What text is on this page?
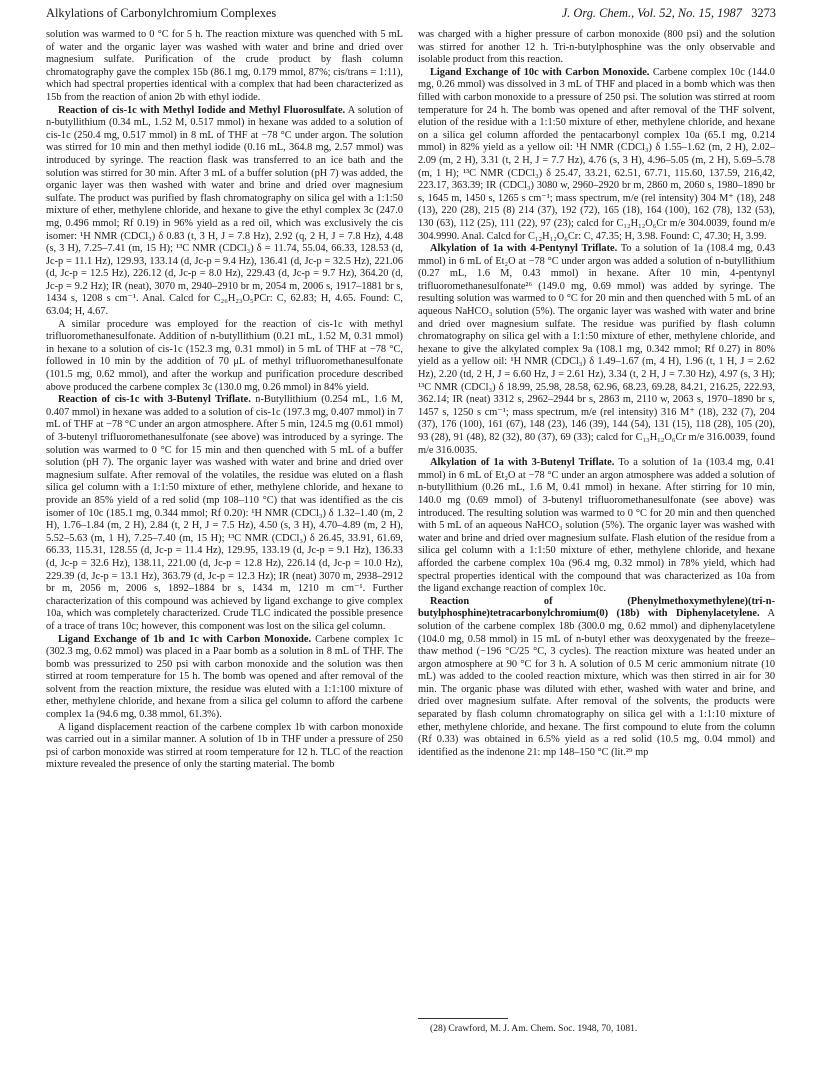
Alkylations of Carbonylchromium Complexes	J. Org. Chem., Vol. 52, No. 15, 1987 3273

solution was warmed to 0 °C for 5 h. The reaction mixture was quenched with 5 mL of water and the organic layer was washed with water and brine and dried over magnesium sulfate. Purification of the crude product by flash column chromatography gave the complex 15b (86.1 mg, 0.179 mmol, 87%; cis/trans = 1:11), which had spectral properties identical with a complex that had been characterized as 15b from the reaction of anion 2b with ethyl iodide.

Reaction of cis-1c with Methyl Iodide and Methyl Fluorosulfate. A solution of n-butyllithium (0.34 mL, 1.52 M, 0.517 mmol) in hexane was added to a solution of cis-1c (250.4 mg, 0.517 mmol) in 8 mL of THF at −78 °C under argon. The solution was stirred for 10 min and then methyl iodide (0.16 mL, 364.8 mg, 2.57 mmol) was introduced by syringe. The reaction flask was transferred to an ice bath and the solution was stirred for 30 min. After 3 mL of a buffer solution (pH 7) was added, the organic layer was then washed with water and brine and dried over magnesium sulfate. The product was purified by flash chromatography on silica gel with a 1:1:50 mixture of ether, methylene chloride, and hexane to give the ethyl complex 3c (247.0 mg, 0.496 mmol; Rf 0.19) in 96% yield as a red oil, which was exclusively the cis isomer: ¹H NMR (CDCl₃) δ 0.83 (t, 3 H, J = 7.8 Hz), 2.92 (q, 2 H, J = 7.8 Hz), 4.48 (s, 3 H), 7.25–7.41 (m, 15 H); ¹³C NMR (CDCl₃) δ = 11.74, 55.04, 66.33, 128.53 (d, Jc-p = 11.1 Hz), 129.93, 133.14 (d, Jc-p = 9.4 Hz), 136.41 (d, Jc-p = 32.5 Hz), 221.06 (d, Jc-p = 12.5 Hz), 226.12 (d, Jc-p = 8.0 Hz), 229.43 (d, Jc-p = 9.7 Hz), 364.20 (d, Jc-p = 9.2 Hz); IR (neat), 3070 m, 2940–2910 br m, 2054 m, 2006 s, 1917–1881 br s, 1434 s, 1208 s cm⁻¹. Anal. Calcd for C₂₆H₂₃O₅PCr: C, 62.83; H, 4.65. Found: C, 63.04; H, 4.67.

A similar procedure was employed for the reaction of cis-1c with methyl trifluoromethanesulfonate. Addition of n-butyllithium (0.21 mL, 1.52 M, 0.31 mmol) in hexane to a solution of cis-1c (152.3 mg, 0.31 mmol) in 5 mL of THF at −78 °C, followed in 10 min by the addition of 70 μL of methyl trifluoromethanesulfonate (101.5 mg, 0.62 mmol), and after the workup and purification procedure described above produced the carbene complex 3c (130.0 mg, 0.26 mmol) in 84% yield.

Reaction of cis-1c with 3-Butenyl Triflate. n-Butyllithium (0.254 mL, 1.6 M, 0.407 mmol) in hexane was added to a solution of cis-1c (197.3 mg, 0.407 mmol) in 7 mL of THF at −78 °C under an argon atmosphere. After 5 min, 124.5 mg (0.61 mmol) of 3-butenyl trifluoromethanesulfonate (see above) was introduced by a syringe. The solution was warmed to 0 °C for 15 min and then quenched with 5 mL of a buffer solution (pH 7). The organic layer was washed with water and brine and dried over magnesium sulfate. After removal of the volatiles, the residue was eluted on a flash silica gel column with a 1:1:50 mixture of ether, methylene chloride, and hexane to provide an 85% yield of a red solid (mp 108–110 °C) that was identified as the cis isomer of 10c (185.1 mg, 0.344 mmol; Rf 0.20): ¹H NMR (CDCl₃) δ 1.32–1.40 (m, 2 H), 1.76–1.84 (m, 2 H), 2.84 (t, 2 H, J = 7.5 Hz), 4.50 (s, 3 H), 4.70–4.89 (m, 2 H), 5.52–5.63 (m, 1 H), 7.25–7.40 (m, 15 H); ¹³C NMR (CDCl₃) δ 26.45, 33.91, 61.69, 66.33, 115.31, 128.55 (d, Jc-p = 11.4 Hz), 129.95, 133.19 (d, Jc-p = 9.1 Hz), 136.33 (d, Jc-p = 32.6 Hz), 138.11, 221.00 (d, Jc-p = 12.8 Hz), 226.14 (d, Jc-p = 10.0 Hz), 229.39 (d, Jc-p = 13.1 Hz), 363.79 (d, Jc-p = 12.3 Hz); IR (neat) 3070 m, 2938–2912 br m, 2056 m, 2006 s, 1892–1884 br s, 1434 m, 1210 m cm⁻¹. Further characterization of this compound was achieved by ligand exchange to give complex 10a, which was completely characterized. Crude TLC indicated the possible presence of a trace of trans 10c; however, this component was lost on the silica gel column.

Ligand Exchange of 1b and 1c with Carbon Monoxide. Carbene complex 1c (302.3 mg, 0.62 mmol) was placed in a Paar bomb as a solution in 8 mL of THF. The bomb was pressurized to 250 psi with carbon monoxide and the solution was then stirred at room temperature for 15 h. The bomb was opened and after removal of the solvent from the reaction mixture, the residue was eluted with a 1:1:100 mixture of ether, methylene chloride, and hexane from a silica gel column to afford the carbene complex 1a (94.6 mg, 0.38 mmol, 61.3%).

A ligand displacement reaction of the carbene complex 1b with carbon monoxide was carried out in a similar manner. A solution of 1b in THF under a pressure of 250 psi of carbon monoxide was stirred at room temperature for 12 h. TLC of the reaction mixture revealed the presence of only the starting material. The bomb

was charged with a higher pressure of carbon monoxide (800 psi) and the solution was stirred for another 12 h. Tri-n-butylphosphine was the only observable and isolable product from this reaction.

Ligand Exchange of 10c with Carbon Monoxide. Carbene complex 10c (144.0 mg, 0.26 mmol) was dissolved in 3 mL of THF and placed in a bomb which was then filled with carbon monoxide to a pressure of 250 psi. The solution was stirred at room temperature for 24 h. The bomb was opened and after removal of the THF solvent, elution of the residue with a 1:1:50 mixture of ether, methylene chloride, and hexane on a silica gel column afforded the pentacarbonyl complex 10a (65.1 mg, 0.214 mmol) in 82% yield as a yellow oil: ¹H NMR (CDCl₃) δ 1.55–1.62 (m, 2 H), 2.02–2.09 (m, 2 H), 3.31 (t, 2 H, J = 7.7 Hz), 4.76 (s, 3 H), 4.96–5.05 (m, 2 H), 5.69–5.78 (m, 1 H); ¹³C NMR (CDCl₃) δ 25.47, 33.21, 62.51, 67.71, 115.60, 137.59, 216,42, 223.17, 363.39; IR (CDCl₃) 3080 w, 2960–2920 br m, 2860 m, 2060 s, 1980–1890 br s, 1645 m, 1450 s, 1265 s cm⁻¹; mass spectrum, m/e (rel intensity) 304 M⁺ (18), 248 (13), 220 (28), 215 (8) 214 (37), 192 (72), 165 (18), 164 (100), 162 (78), 132 (53), 130 (63), 112 (25), 111 (22), 97 (23); calcd for C₁₂H₁₂O₆Cr m/e 304.0039, found m/e 304.9990. Anal. Calcd for C₁₂H₁₂O₆Cr: C, 47.35; H, 3.98. Found: C, 47.30; H, 3.99.

Alkylation of 1a with 4-Pentynyl Triflate. To a solution of 1a (108.4 mg, 0.43 mmol) in 6 mL of Et₂O at −78 °C under argon was added a solution of n-butyllithium (0.27 mL, 1.6 M, 0.43 mmol) in hexane. After 10 min, 4-pentynyl trifluoromethanesulfonate²⁶ (149.0 mg, 0.69 mmol) was added by syringe. The resulting solution was warmed to 0 °C for 20 min and then quenched with 5 mL of an aqueous NaHCO₃ solution (5%). The organic layer was washed with water and brine and dried over magnesium sulfate. The residue was purified by flash column chromatography on silica gel with a 1:1:50 mixture of ether, methylene chloride, and hexane to give the alkylated complex 9a (108.1 mg, 0.342 mmol; Rf 0.27) in 80% yield as a yellow oil: ¹H NMR (CDCl₃) δ 1.49–1.67 (m, 4 H), 1.96 (t, 1 H, J = 2.62 Hz), 2.20 (td, 2 H, J = 6.60 Hz, J = 2.61 Hz), 3.34 (t, 2 H, J = 7.30 Hz), 4.97 (s, 3 H); ¹³C NMR (CDCl₃) δ 18.99, 25.98, 28.58, 62.96, 68.23, 69.28, 84.21, 216.25, 222.93, 362.14; IR (neat) 3312 s, 2962–2944 br s, 2863 m, 2110 w, 2063 s, 1970–1890 br s, 1457 s, 1250 s cm⁻¹; mass spectrum, m/e (rel intensity) 316 M⁺ (18), 232 (7), 204 (37), 176 (100), 161 (67), 148 (23), 146 (39), 144 (54), 131 (15), 118 (28), 105 (20), 93 (28), 91 (48), 82 (32), 80 (37), 69 (33); calcd for C₁₃H₁₂O₆Cr m/e 316.0039, found m/e 316.0035.

Alkylation of 1a with 3-Butenyl Triflate. To a solution of 1a (103.4 mg, 0.41 mmol) in 6 mL of Et₂O at −78 °C under an argon atmosphere was added a solution of n-butyllithium (0.26 mL, 1.6 M, 0.41 mmol) in hexane. After stirring for 10 min, 140.0 mg (0.69 mmol) of 3-butenyl trifluoromethanesulfonate (see above) was introduced. The resulting solution was warmed to 0 °C for 20 min and then quenched with 5 mL of an aqueous NaHCO₃ solution (5%). The organic layer was washed with water and brine and dried over magnesium sulfate. Flash elution of the residue from a silica gel column with a 1:1:50 mixture of ether, methylene chloride, and hexane afforded the carbene complex 10a (96.4 mg, 0.32 mmol) in 78% yield, which had spectral properties identical with the compound that was characterized as 10a from the ligand exchange reaction of complex 10c.

Reaction of (Phenylmethoxymethylene)(tri-n-butylphosphine)tetracarbonylchromium(0) (18b) with Diphenylacetylene. A solution of the carbene complex 18b (300.0 mg, 0.62 mmol) and diphenylacetylene (104.0 mg, 0.58 mmol) in 15 mL of n-butyl ether was deoxygenated by the freeze–thaw method (−196 °C/25 °C, 3 cycles). The reaction mixture was heated under an argon atmosphere at 90 °C for 3 h. A solution of 0.5 M ceric ammonium nitrate (10 mL) was added to the cooled reaction mixture, which was then stirred in air for 30 min. The organic phase was diluted with ether, washed with water and brine, and dried over magnesium sulfate. After removal of the solvents, the products were separated by flash column chromatography on silica gel with a 1:1:10 mixture of ether, methylene chloride, and hexane. The first compound to elute from the column (Rf 0.33) was obtained in 6.5% yield as a red solid (10.5 mg, 0.04 mmol) and identified as the indenone 21: mp 148–150 °C (lit.²⁹ mp

(28) Crawford, M. J. Am. Chem. Soc. 1948, 70, 1081.
